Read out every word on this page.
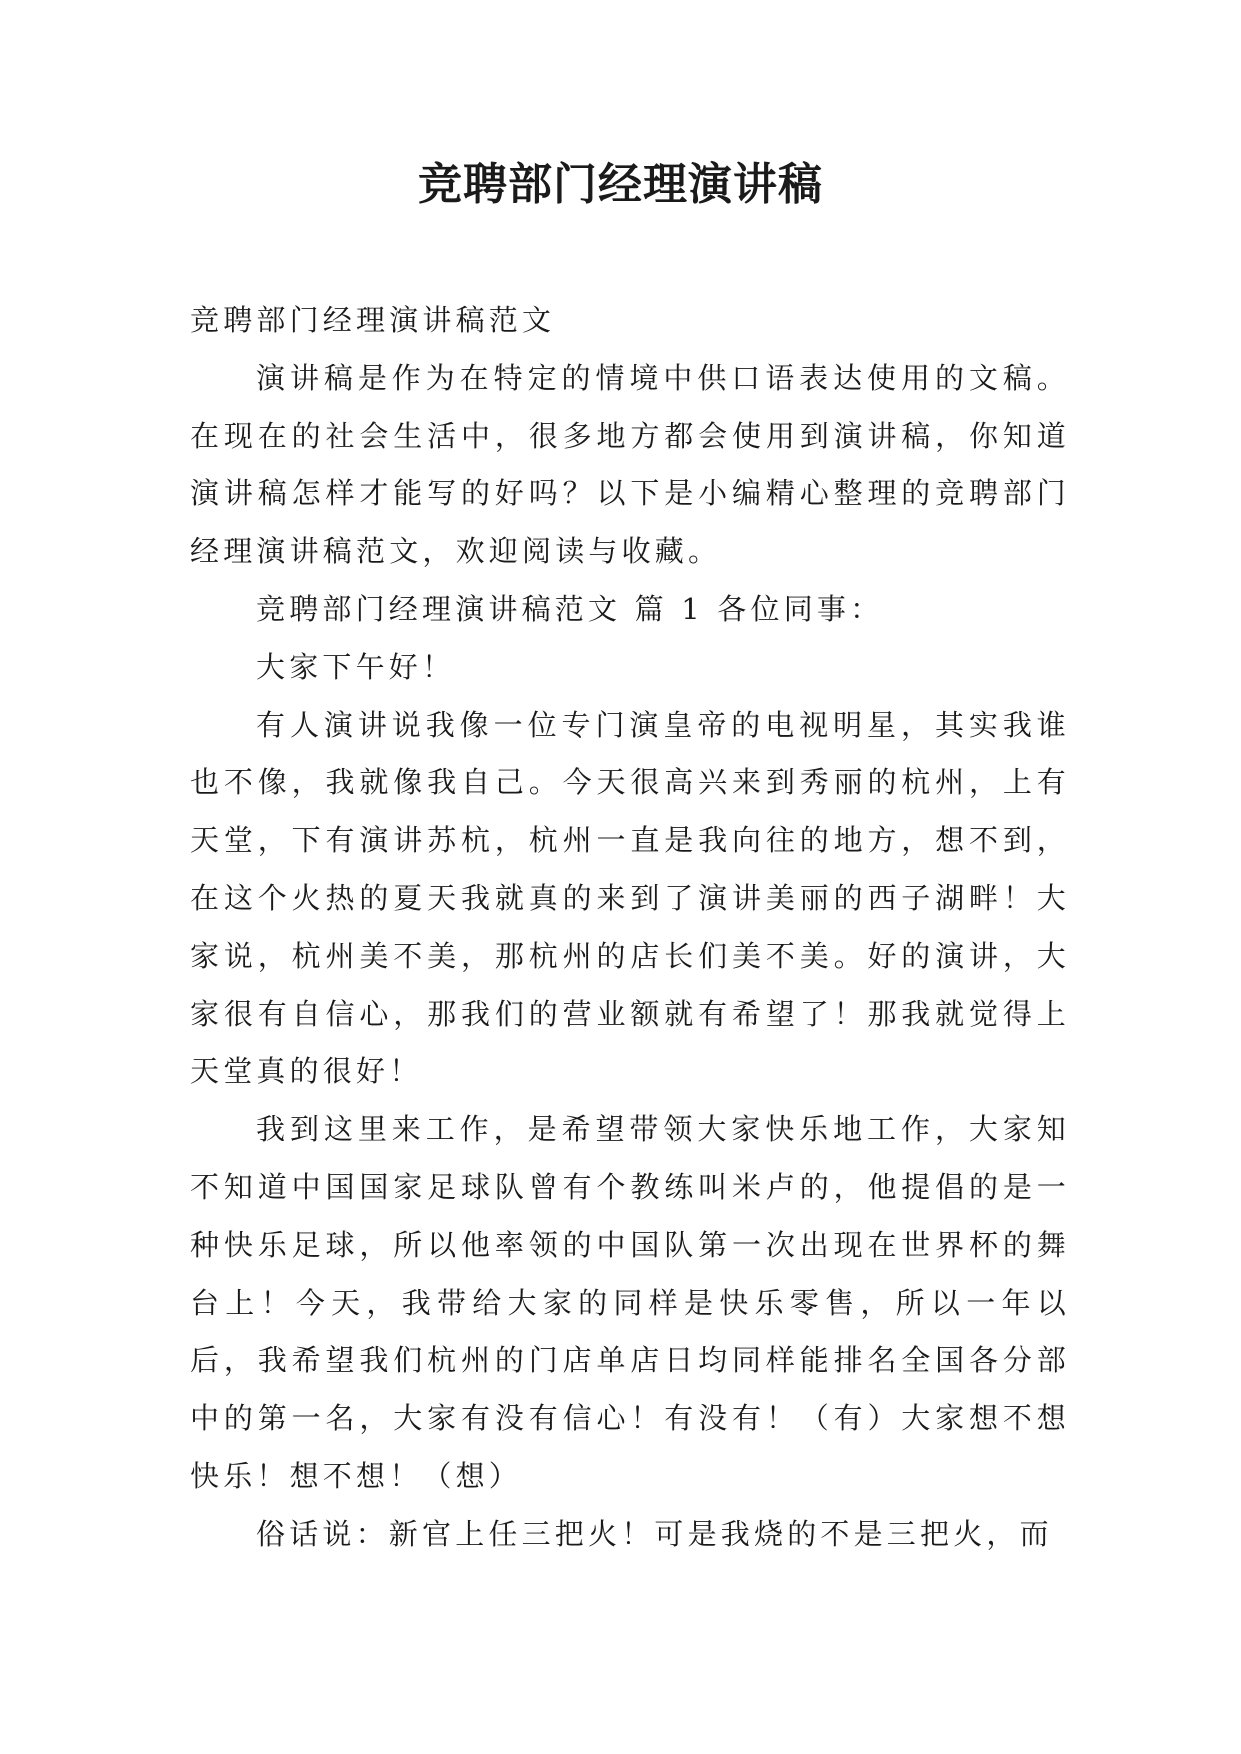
竞聘部门经理演讲稿

竞聘部门经理演讲稿范文

演讲稿是作为在特定的情境中供口语表达使用的文稿。在现在的社会生活中，很多地方都会使用到演讲稿，你知道演讲稿怎样才能写的好吗？以下是小编精心整理的竞聘部门经理演讲稿范文，欢迎阅读与收藏。

竞聘部门经理演讲稿范文 篇 1 各位同事：

大家下午好！

有人演讲说我像一位专门演皇帝的电视明星，其实我谁也不像，我就像我自己。今天很高兴来到秀丽的杭州，上有天堂，下有演讲苏杭，杭州一直是我向往的地方，想不到，在这个火热的夏天我就真的来到了演讲美丽的西子湖畔！大家说，杭州美不美，那杭州的店长们美不美。好的演讲，大家很有自信心，那我们的营业额就有希望了！那我就觉得上天堂真的很好！

我到这里来工作，是希望带领大家快乐地工作，大家知不知道中国国家足球队曾有个教练叫米卢的，他提倡的是一种快乐足球，所以他率领的中国队第一次出现在世界杯的舞台上！今天，我带给大家的同样是快乐零售，所以一年以后，我希望我们杭州的门店单店日均同样能排名全国各分部中的第一名，大家有没有信心！有没有！（有）大家想不想快乐！想不想！（想）

俗话说：新官上任三把火！可是我烧的不是三把火，而
